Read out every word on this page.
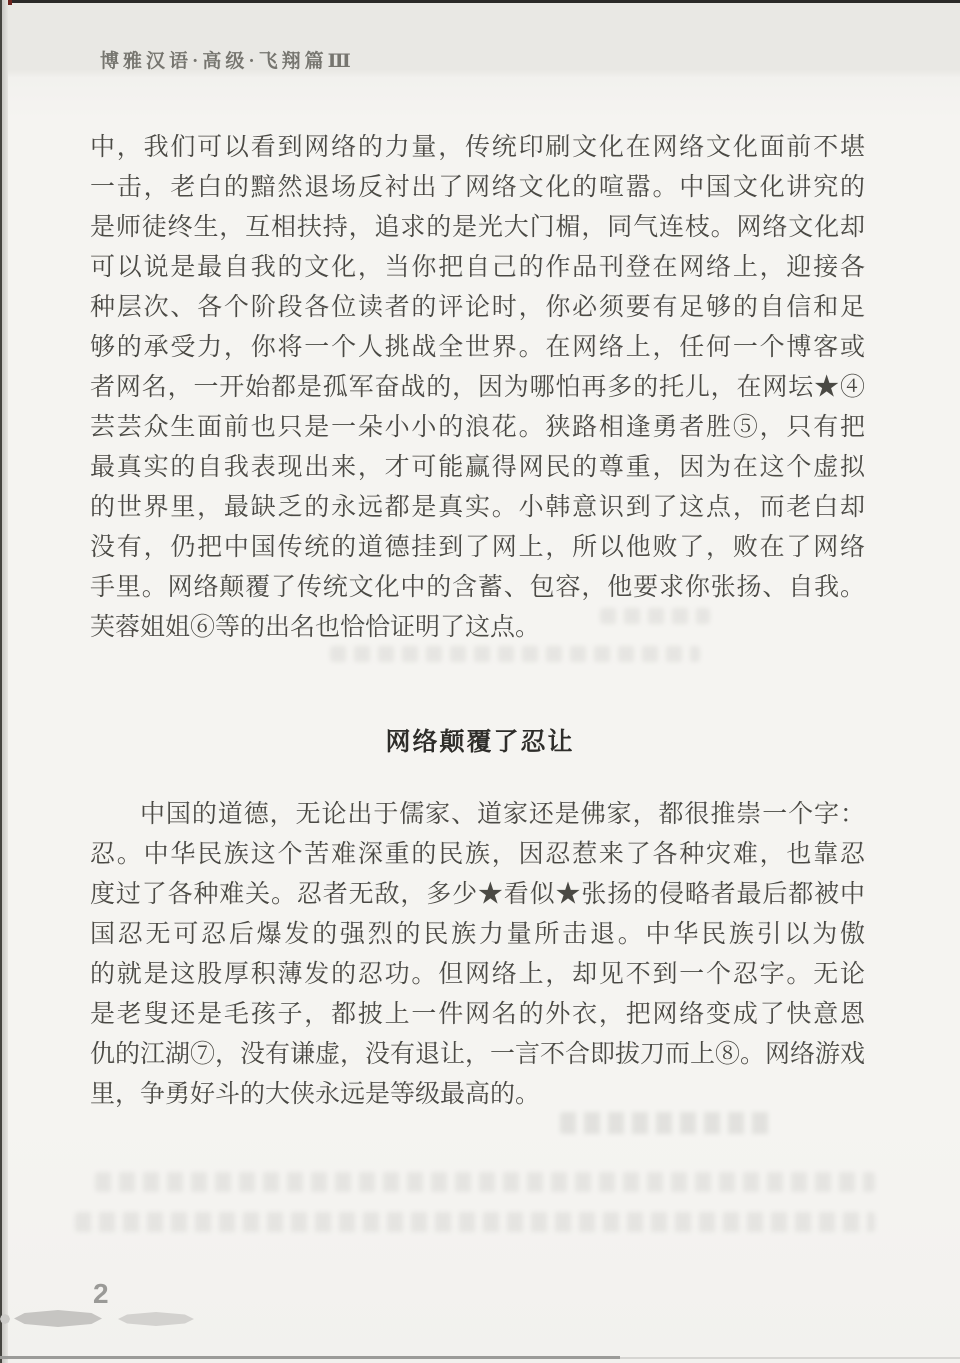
博雅汉语·高级·飞翔篇Ⅲ
中，我们可以看到网络的力量，传统印刷文化在网络文化面前不堪
一击，老白的黯然退场反衬出了网络文化的喧嚣。中国文化讲究的
是师徒终生，互相扶持，追求的是光大门楣，同气连枝。网络文化却
可以说是最自我的文化，当你把自己的作品刊登在网络上，迎接各
种层次、各个阶段各位读者的评论时，你必须要有足够的自信和足
够的承受力，你将一个人挑战全世界。在网络上，任何一个博客或
者网名，一开始都是孤军奋战的，因为哪怕再多的托儿，在网坛★④
芸芸众生面前也只是一朵小小的浪花。狭路相逢勇者胜⑤，只有把
最真实的自我表现出来，才可能赢得网民的尊重，因为在这个虚拟
的世界里，最缺乏的永远都是真实。小韩意识到了这点，而老白却
没有，仍把中国传统的道德挂到了网上，所以他败了，败在了网络
手里。网络颠覆了传统文化中的含蓄、包容，他要求你张扬、自我。
芙蓉姐姐⑥等的出名也恰恰证明了这点。
网络颠覆了忍让
中国的道德，无论出于儒家、道家还是佛家，都很推崇一个字：
忍。中华民族这个苦难深重的民族，因忍惹来了各种灾难，也靠忍
度过了各种难关。忍者无敌，多少★看似★张扬的侵略者最后都被中
国忍无可忍后爆发的强烈的民族力量所击退。中华民族引以为傲
的就是这股厚积薄发的忍功。但网络上，却见不到一个忍字。无论
是老叟还是毛孩子，都披上一件网名的外衣，把网络变成了快意恩
仇的江湖⑦，没有谦虚，没有退让，一言不合即拔刀而上⑧。网络游戏
里，争勇好斗的大侠永远是等级最高的。
2
